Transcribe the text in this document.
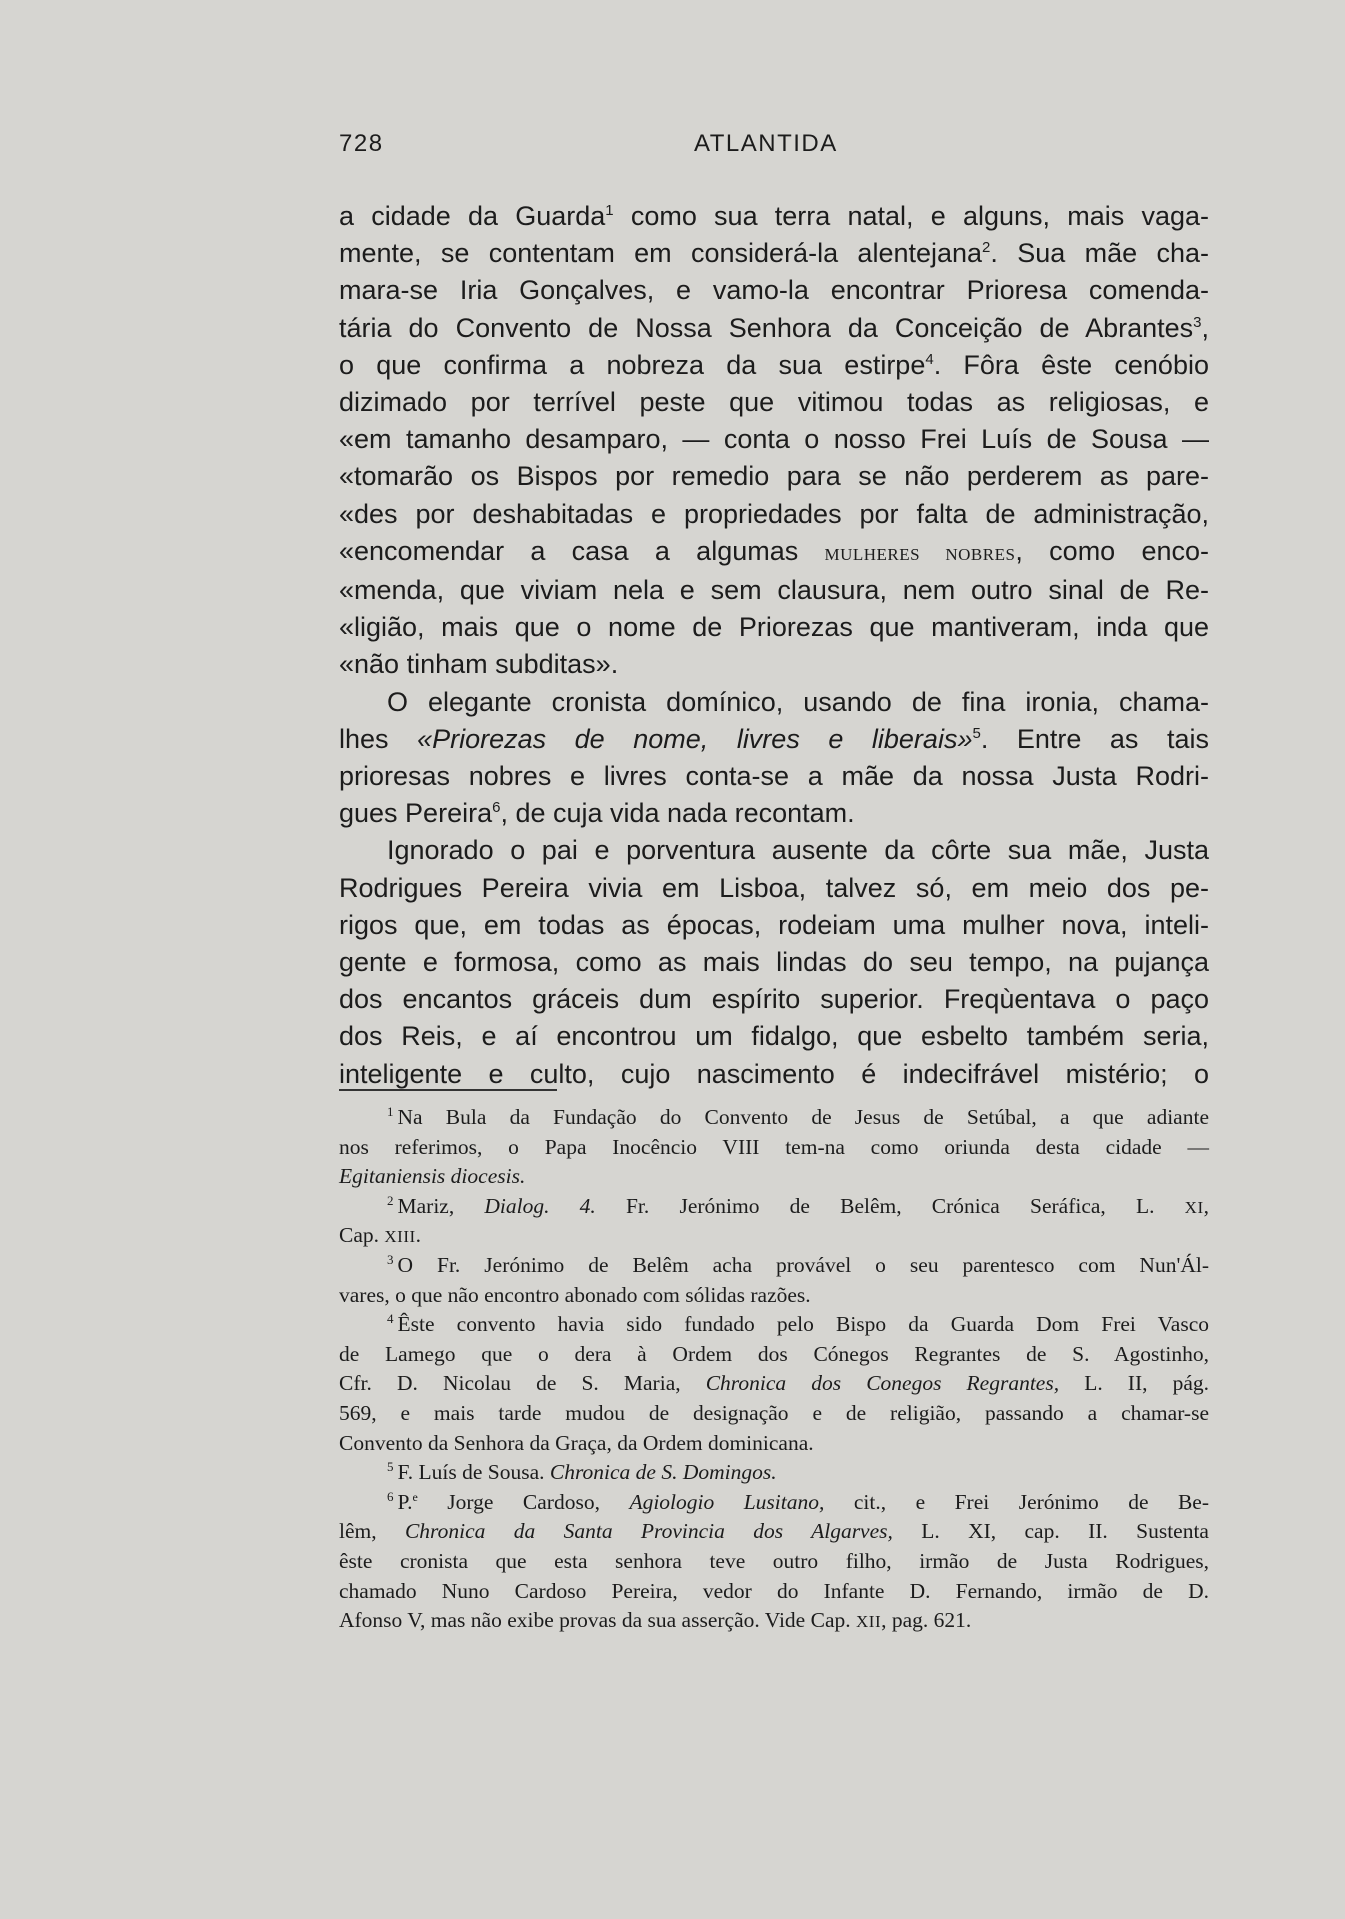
728	ATLANTIDA
a cidade da Guarda$^1$ como sua terra natal, e alguns, mais vaga-
mente, se contentam em considerá-la alentejana$^2$. Sua mãe cha-
mara-se Iria Gonçalves, e vamo-la encontrar Prioresa comenda-
tária do Convento de Nossa Senhora da Conceição de Abrantes$^3$,
o que confirma a nobreza da sua estirpe$^4$. Fôra êste cenóbio
dizimado por terrível peste que vitimou todas as religiosas, e
«em tamanho desamparo, — conta o nosso Frei Luís de Sousa —
«tomarão os Bispos por remedio para se não perderem as pare-
«des por deshabitadas e propriedades por falta de administração,
«encomendar a casa a algumas mulheres nobres, como enco-
«menda, que viviam nela e sem clausura, nem outro sinal de Re-
«ligião, mais que o nome de Priorezas que mantiveram, inda que
«não tinham subditas».
O elegante cronista domínico, usando de fina ironia, chama-
lhes «Priorezas de nome, livres e liberais»$^5$. Entre as tais
prioresas nobres e livres conta-se a mãe da nossa Justa Rodri-
gues Pereira$^6$, de cuja vida nada recontam.
Ignorado o pai e porventura ausente da côrte sua mãe, Justa
Rodrigues Pereira vivia em Lisboa, talvez só, em meio dos pe-
rigos que, em todas as épocas, rodeiam uma mulher nova, inteli-
gente e formosa, como as mais lindas do seu tempo, na pujança
dos encantos gráceis dum espírito superior. Freqùentava o paço
dos Reis, e aí encontrou um fidalgo, que esbelto também seria,
inteligente e culto, cujo nascimento é indecifrável mistério; o
$^1$ Na Bula da Fundação do Convento de Jesus de Setúbal, a que adiante
nos referimos, o Papa Inocêncio VIII tem-na como oriunda desta cidade —
Egitaniensis diocesis.
$^2$ Mariz, Dialog. 4. Fr. Jerónimo de Belêm, Crónica Seráfica, L. xi,
Cap. xiii.
$^3$ O Fr. Jerónimo de Belêm acha provável o seu parentesco com Nun'Ál-
vares, o que não encontro abonado com sólidas razões.
$^4$ Êste convento havia sido fundado pelo Bispo da Guarda Dom Frei Vasco
de Lamego que o dera à Ordem dos Cónegos Regrantes de S. Agostinho,
Cfr. D. Nicolau de S. Maria, Chronica dos Conegos Regrantes, L. II, pág.
569, e mais tarde mudou de designação e de religião, passando a chamar-se
Convento da Senhora da Graça, da Ordem dominicana.
$^5$ F. Luís de Sousa. Chronica de S. Domingos.
$^6$ P.$^e$ Jorge Cardoso, Agiologio Lusitano, cit., e Frei Jerónimo de Be-
lêm, Chronica da Santa Provincia dos Algarves, L. XI, cap. II. Sustenta
êste cronista que esta senhora teve outro filho, irmão de Justa Rodrigues,
chamado Nuno Cardoso Pereira, vedor do Infante D. Fernando, irmão de D.
Afonso V, mas não exibe provas da sua asserção. Vide Cap. xii, pag. 621.
